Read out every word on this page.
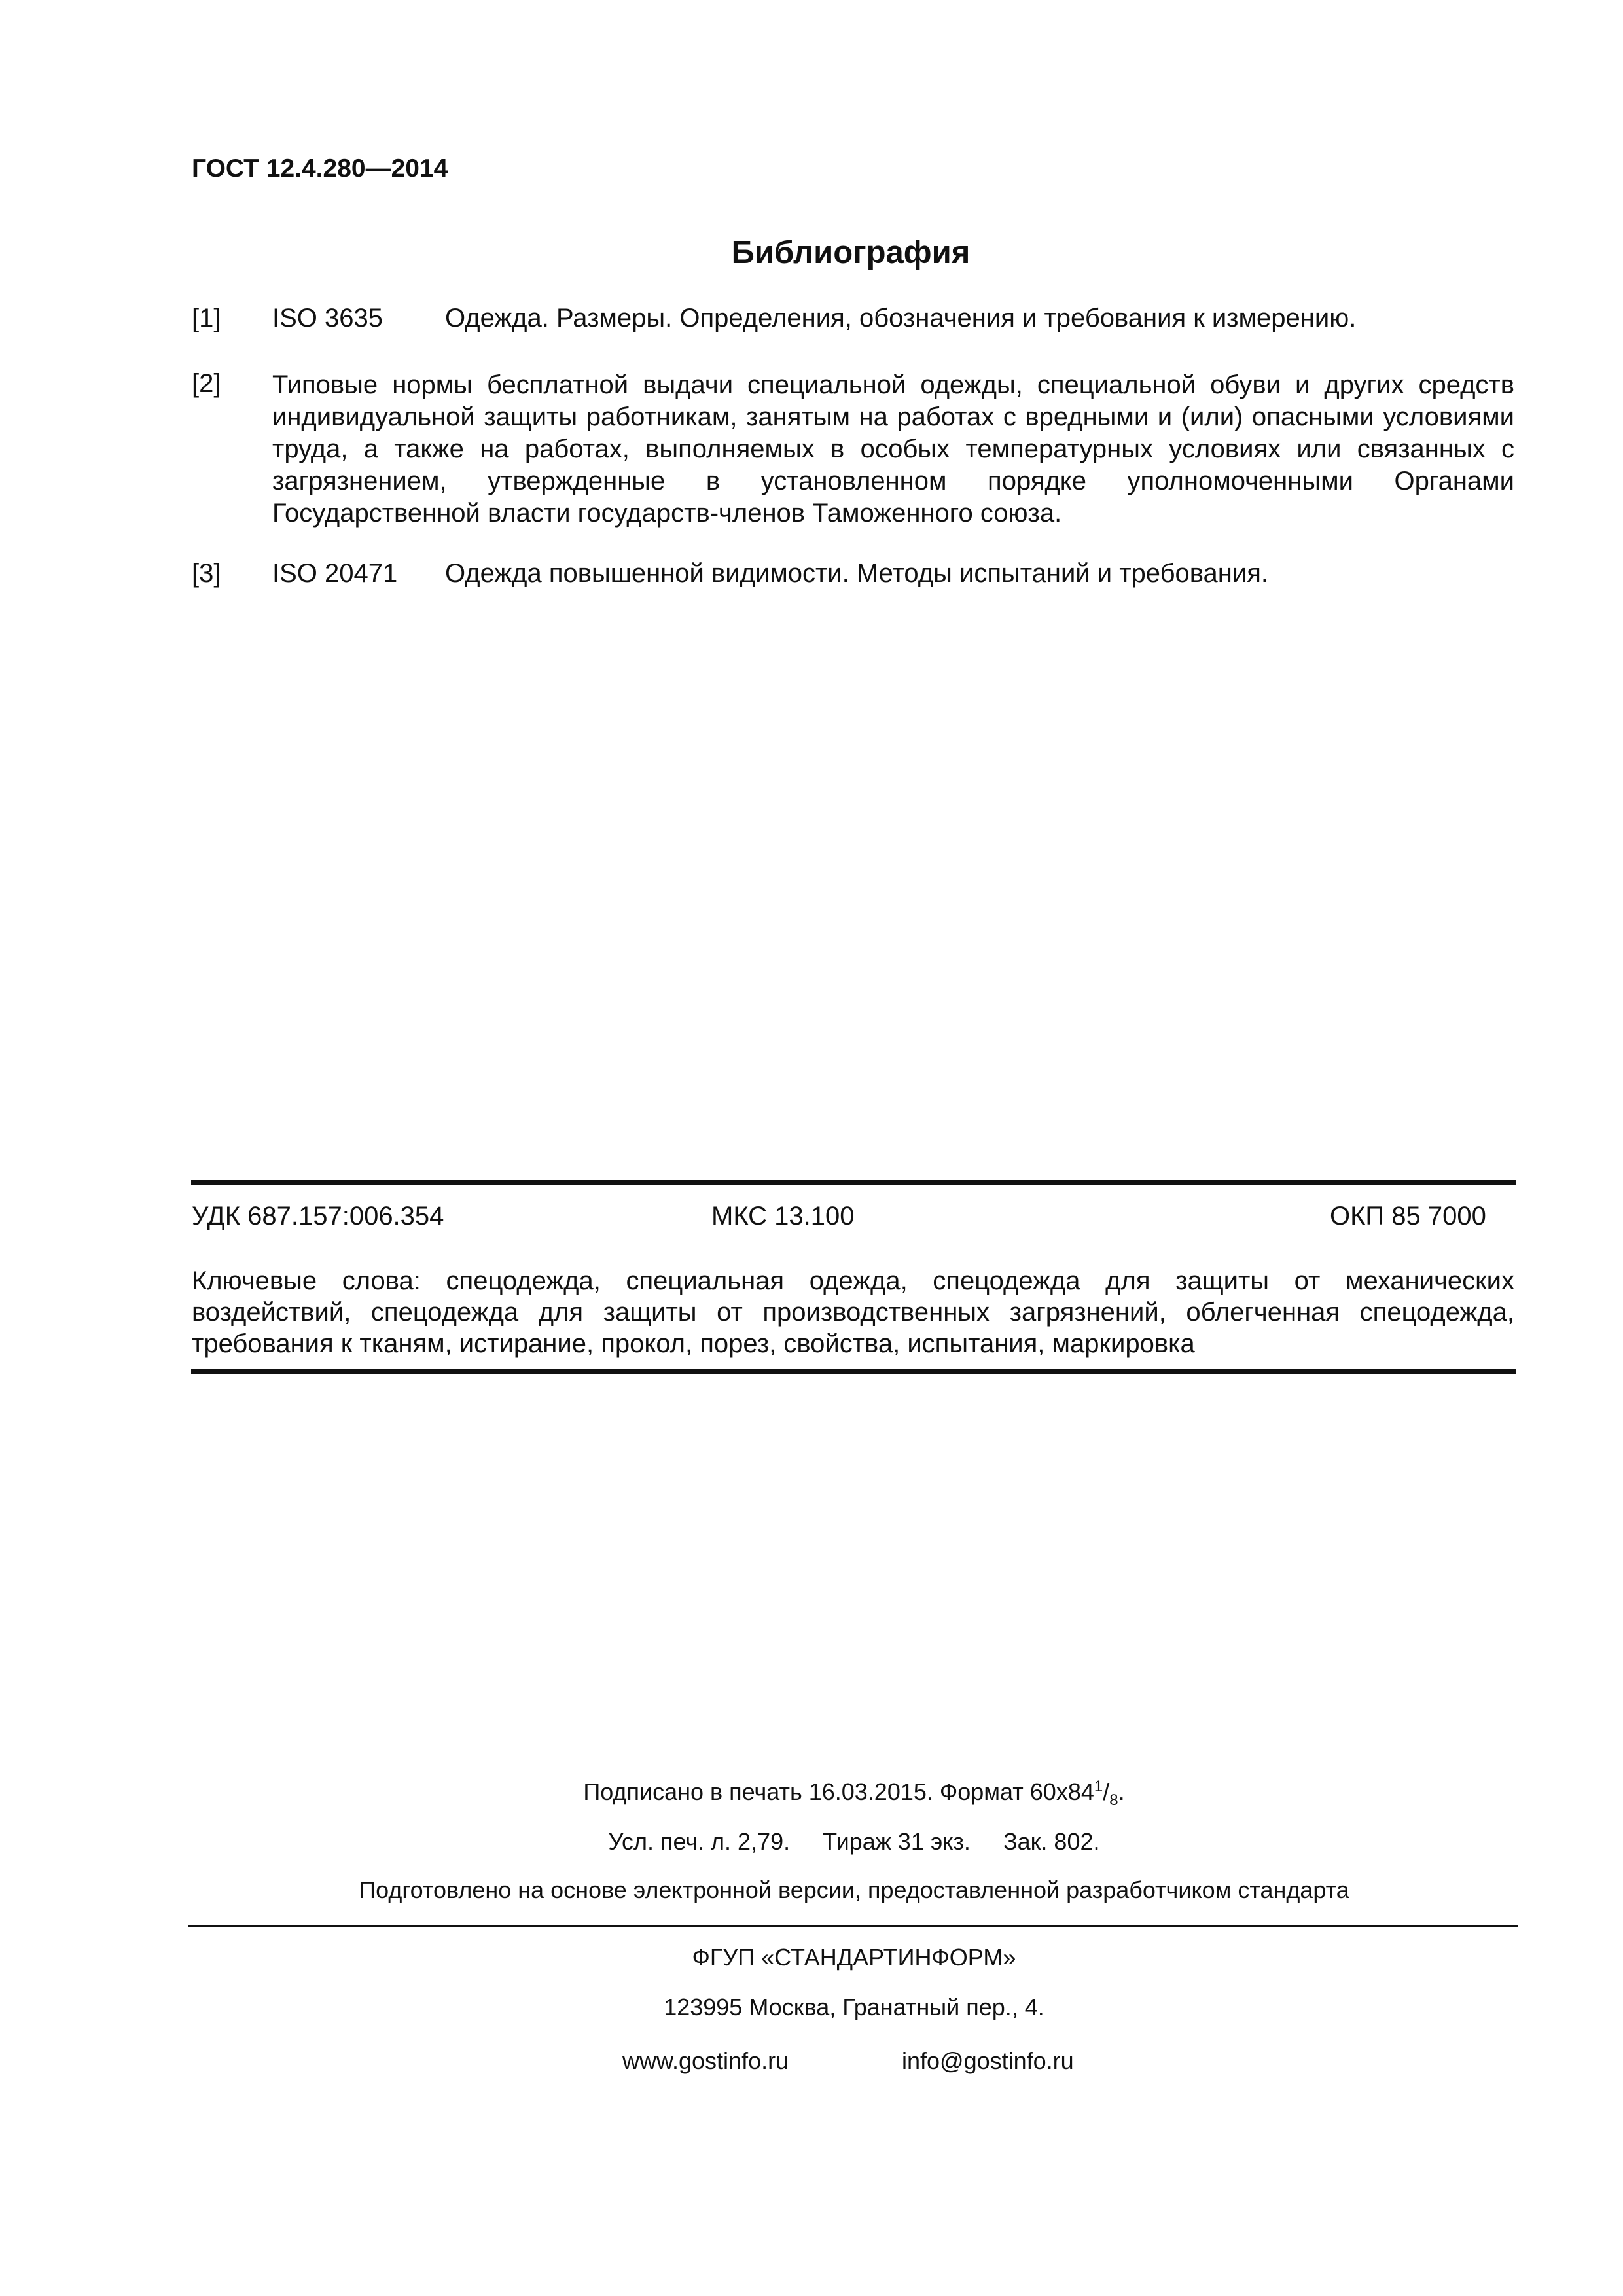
ГОСТ 12.4.280—2014
Библиография
[1] ISO 3635 Одежда. Размеры. Определения, обозначения и требования к измерению.
[2] Типовые нормы бесплатной выдачи специальной одежды, специальной обуви и других средств индивидуальной защиты работникам, занятым на работах с вредными и (или) опасными условиями труда, а также на работах, выполняемых в особых температурных условиях или связанных с загрязнением, утвержденные в установленном порядке уполномоченными Органами Государственной власти государств-членов Таможенного союза.
[3] ISO 20471 Одежда повышенной видимости. Методы испытаний и требования.
УДК 687.157:006.354	МКС 13.100	ОКП 85 7000
Ключевые слова: спецодежда, специальная одежда, спецодежда для защиты от механических воздействий, спецодежда для защиты от производственных загрязнений, облегченная спецодежда, требования к тканям, истирание, прокол, порез, свойства, испытания, маркировка
Подписано в печать 16.03.2015. Формат $60х84^1/_8$.
Усл. печ. л. 2,79. Тираж 31 экз. Зак. 802.
Подготовлено на основе электронной версии, предоставленной разработчиком стандарта
ФГУП «СТАНДАРТИНФОРМ»
123995 Москва, Гранатный пер., 4.
www.gostinfo.ru	info@gostinfo.ru
